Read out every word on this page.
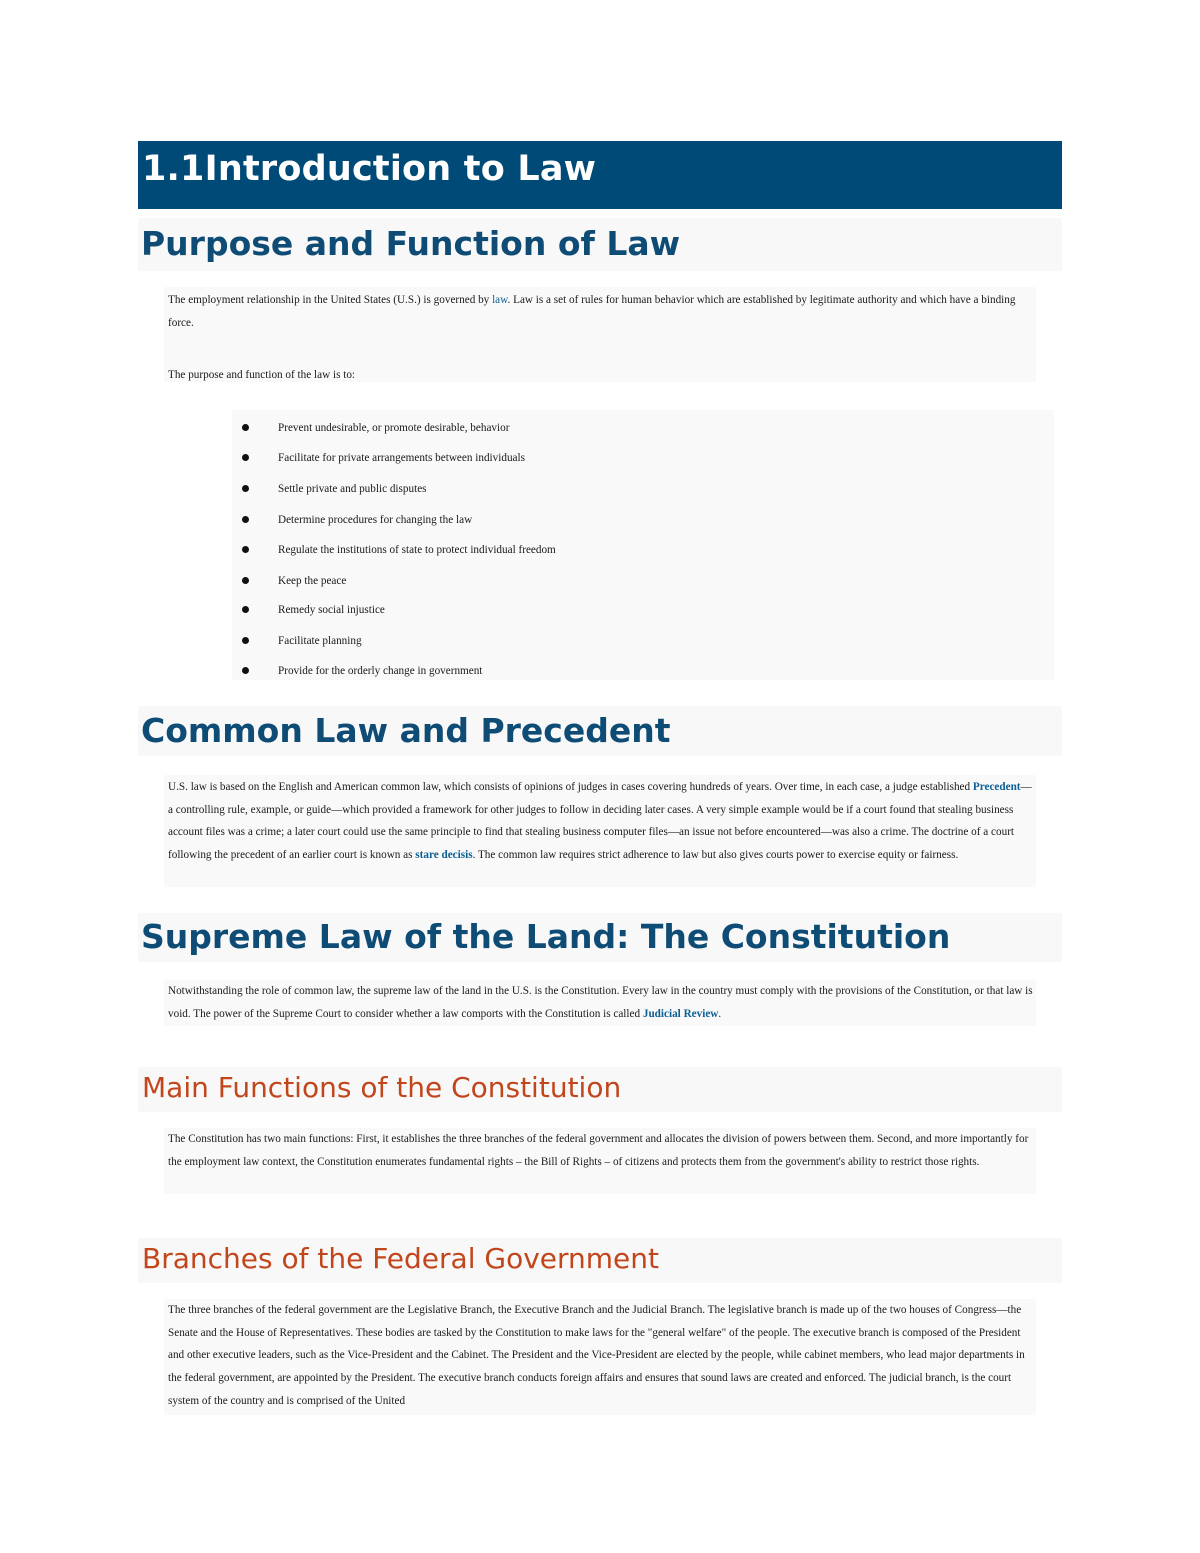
1.1Introduction to Law
Purpose and Function of Law

The employment relationship in the United States (U.S.) is governed by law. Law is a set of rules for human behavior which are established by legitimate authority and which have a binding force.

The purpose and function of the law is to:

Prevent undesirable, or promote desirable, behavior
Facilitate for private arrangements between individuals
Settle private and public disputes
Determine procedures for changing the law
Regulate the institutions of state to protect individual freedom
Keep the peace
Remedy social injustice
Facilitate planning
Provide for the orderly change in government
Common Law and Precedent

U.S. law is based on the English and American common law, which consists of opinions of judges in cases covering hundreds of years. Over time, in each case, a judge established Precedent—a controlling rule, example, or guide—which provided a framework for other judges to follow in deciding later cases. A very simple example would be if a court found that stealing business account files was a crime; a later court could use the same principle to find that stealing business computer files—an issue not before encountered—was also a crime. The doctrine of a court following the precedent of an earlier court is known as stare decisis. The common law requires strict adherence to law but also gives courts power to exercise equity or fairness.

Supreme Law of the Land: The Constitution

Notwithstanding the role of common law, the supreme law of the land in the U.S. is the Constitution. Every law in the country must comply with the provisions of the Constitution, or that law is void. The power of the Supreme Court to consider whether a law comports with the Constitution is called Judicial Review.

Main Functions of the Constitution

The Constitution has two main functions: First, it establishes the three branches of the federal government and allocates the division of powers between them. Second, and more importantly for the employment law context, the Constitution enumerates fundamental rights – the Bill of Rights – of citizens and protects them from the government's ability to restrict those rights.

Branches of the Federal Government

The three branches of the federal government are the Legislative Branch, the Executive Branch and the Judicial Branch. The legislative branch is made up of the two houses of Congress—the Senate and the House of Representatives. These bodies are tasked by the Constitution to make laws for the "general welfare" of the people. The executive branch is composed of the President and other executive leaders, such as the Vice-President and the Cabinet. The President and the Vice-President are elected by the people, while cabinet members, who lead major departments in the federal government, are appointed by the President. The executive branch conducts foreign affairs and ensures that sound laws are created and enforced. The judicial branch, is the court system of the country and is comprised of the United
